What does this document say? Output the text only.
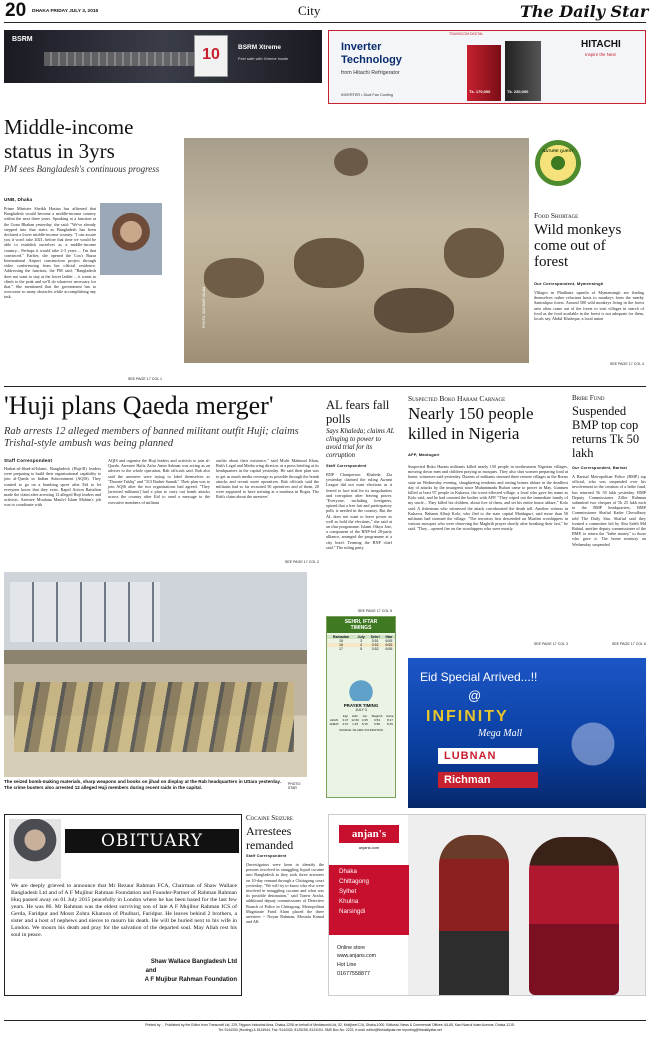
20 DHAKA FRIDAY JULY 3, 2015	City	The Daily Star
BSRM
10	BSRM Xtreme
Feel safe with Xtreme inside
TRANSCOM DIGITAL
Inverter
Technology
from Hitachi Refrigerator
Tk. 170,000	Tk. 230,000
HITACHI
Inspire the Next
INVERTER • Dual Fan Cooling
Middle-income
status in 3yrs
PM sees Bangladesh's continuous progress
UNB, Dhaka
Prime Minister Sheikh Hasina has affirmed that Bangladesh would become a middle-income country within the next three years. Speaking at a function at the Gono Bhaban yesterday, she said: "We've already stepped into that stairs as Bangladesh has been declared a lower middle-income country. "I can assure you it won't take 2021, before that time we would be able to establish ourselves as a middle-income country... Perhaps it would take 2-3 years ... I'm that convinced." Earlier, she opened the Cox's Bazar International Airport construction project through video conferencing from her official residence. Addressing the function, the PM said, "Bangladesh does not want to stay at the lower ladder ... it wants to climb to the peak and we'll do whatever necessary for that." She mentioned that the government has to overcome so many obstacles while accomplishing any task.
SEE PAGE 17 COL 1
PHOTO: ANOWAR ISLAM
NATURE QUEST
Food Shortage
Wild monkeys come out of forest
Our Correspondent, Mymensingh
Villages in Phulbaria upazila of Mymensingh are finding themselves rather reluctant hosts to monkeys from the nearby Santoshpur forest. Around 500 wild monkeys living in the forest area often come out of the forest to visit villages in search of food as the food available in the forest is not adequate for them, locals say. Abdul Khaleque, a local union
SEE PAGE 17 COL 4
'Huji plans Qaeda merger'
Rab arrests 12 alleged members of banned militant outfit Huji; claims Trishal-style ambush was being planned
Staff Correspondent
Harkat-ul-Jihad-al-Islami, Bangladesh (Huji-B) leaders were preparing to build their organisational capability to join al-Qaeda in Indian Subcontinent (AQIS). They wanted to go on a bombing spree after Eid to let everyone know that they exist. Rapid Action Battalion made the claim after arresting 12 alleged Huji leaders and activists. Arrestee Moulana Maulvi Islam Mahim's job was to coordinate with
AQIS and organise the Huji leaders and activists to join al-Qaeda. Arrestee Hafiz Zafar Amin Salman was acting as an adviser to the whole operation, Rab officials said. Rab also said the arrestees were trying to label themselves as "Dawate Tabliq" and "313 Badrer Saanik". Their plan was to join AQIS after the two organisations had agreed. "They [arrested militants] had a plan to carry out bomb attacks across the country after Eid to send a message to the executive members of militant
outfits about their existence," said Mufti Mahmud Khan, Rab's Legal and Media wing director, at a press briefing at its headquarters in the capital yesterday. He said their plan was to get as much media coverage as possible through the bomb attacks and recruit more operatives. Rab officials said the militants had so far recruited 50 operatives and of them, 20 were supposed to have training at a madrasa in Bogra. The Rab's claim about the arrestees'
SEE PAGE 17 COL 2
The seized bomb-making materials, sharp weapons and books on jihad on display at the Rab headquarters in Uttara yesterday. The crime busters also arrested 12 alleged Huji members during recent raids in the capital.
PHOTO: STAR
AL fears fall polls
Says Khaleda; claims AL clinging to power to avoid trial for its corruption
Staff Correspondent
BNP Chairperson Khaleda Zia yesterday claimed the ruling Awami League did not want elections as it feared to face trial for its irregularities and corruption after leaving power. "Everyone, including foreigners, opined that a free fair and participatory polls is needed in the country. But the AL does not want to leave power as well as hold the elections," she said at an iftar programme. Islami Oikya Jote, a component of the BNP-led 20-party alliance, arranged the programme at a city hotel. Terming the BNP chief said." The ruling party
SEE PAGE 17 COL 5
SEHRI, IFTAR
TIMINGS
Ramadan	July	Sehri	Iftar
15	3	3:51	6:55
16	4	3:52	6:55
17	5	3:52	6:55
PRAYER TIMING
JULY 3
	Fajr	Zohr	Asr	Maghrib	Esha
AZAN	3:47	12:30	4:45	6:54	8:17
JAMAT	4:07	1:15	5:15	6:58	8:45
SOURCE: ISLAMIC FOUNDATION
Suspected Boko Haram Carnage
Nearly 150 people killed in Nigeria
AFP, Maiduguri
Suspected Boko Haram militants killed nearly 150 people in northeastern Nigerian villages, mowing down men and children praying in mosques. They also shot women preparing food at home, witnesses said yesterday. Dozens of militants stormed three remote villages in the Borno state on Wednesday evening, slaughtering residents and setting homes ablaze in the deadliest day of attacks by the insurgents since Muhammadu Buhari came to power in May. Gunmen killed at least 97 people in Kukawa, the worst-affected village, a local who gave his name as Kolo said, and he had counted the bodies with AFP. "They wiped out the immediate family of my uncle... They killed his children, about five of them, and set his entire house ablaze," Kolo said. A fisherman who witnessed the attack corroborated the death toll. Another witness in Kukawa, Babami Alhaji Kolo, who fled to the state capital Maiduguri, said more than 50 militants had stormed the village. "The terrorists first descended on Muslim worshippers in various mosques who were observing the Maghrib prayer shortly after breaking their fast," he said. "They... opened fire on the worshippers who were mostly
SEE PAGE 17 COL 3
Bribe Fund
Suspended BMP top cop returns Tk 50 lakh
Our Correspondent, Barisal
A Barisal Metropolitan Police (BMP) top official, who was suspended over his involvement in the creation of a bribe fund, has returned Tk 50 lakh yesterday. BMP Deputy Commissioner Ziller Rahman submitted two cheques of Tk 25 lakh each to the BMP headquarters, BMP Commissioner Shafiul Kader Chowdhury told The Daily Star. Shafiul said they formed a committee led by Abu Saleh Md Rabiul, another deputy commissioner of the BMP, to return the "bribe money" to those who gave it. The home ministry on Wednesday suspended
SEE PAGE 17 COL 6
Eid Special Arrived...!!
@
INFINITY
Mega Mall
LUBNAN
Richman
OBITUARY
We are deeply grieved to announce that Mr Rezaur Rahman FCA, Chairman of Shaw Wallace Bangladesh Ltd and of A F Mujibur Rahman Foundation and Founder-Partner of Rahman Rahman Huq passed away on 01 July 2015 peacefully in London where he has been based for the last few years. He was 86. Mr Rahman was the eldest surviving son of late A F Mujibur Rahman ICS of Gerda, Faridpur and Mosst Zohra Khatoon of Phulbari, Faridpur. He leaves behind 2 brothers, a sister and a host of nephews and nieces to mourn his death. He will be buried next to his wife in London. We mourn his death and pray for the salvation of the departed soul. May Allah rest his soul in peace.
Shaw Wallace Bangladesh Ltd
and
A F Mujibur Rahman Foundation
Cocaine Seizure
Arrestees remanded
Staff Correspondent
[Investigators were keen to identify the persons involved in smuggling liquid cocaine into Bangladesh as they took three arrestees on 10-day remand through a Chittagong court yesterday. "We will try to know who else were involved in smuggling cocaine and what was its possible destination," said Tanvir Arafat, additional deputy commissioner of Detective Branch of Police in Chittagong. Metropolitan Magistrate Farid Alam placed the three arrestees -- Noyan Rahman, Mostafa Kamal and AK
anjan's
anjans.com
Dhaka
Chittagong
Sylhet
Khulna
Narsingdi
Online store
www.anjans.com
Hot Line
01677558877
Printed by ... Published by the Editor from Transcraft Ltd, 229, Tejgaon Industrial Area, Dhaka-1208 on behalf of Mediaworld Ltd, 52, Motijheel C/A, Dhaka-1000. Editorial, News & Commercial Offices: 64-65, Kazi Nazrul Islam Avenue, Dhaka-1215.
Tel: 9144330 (Hunting) & 8124944, Fax: 9144332; 8125155; 8124154. SMS Box No: 2222, e-mail: editor@thedailystar.net reporting@thedailystar.net
